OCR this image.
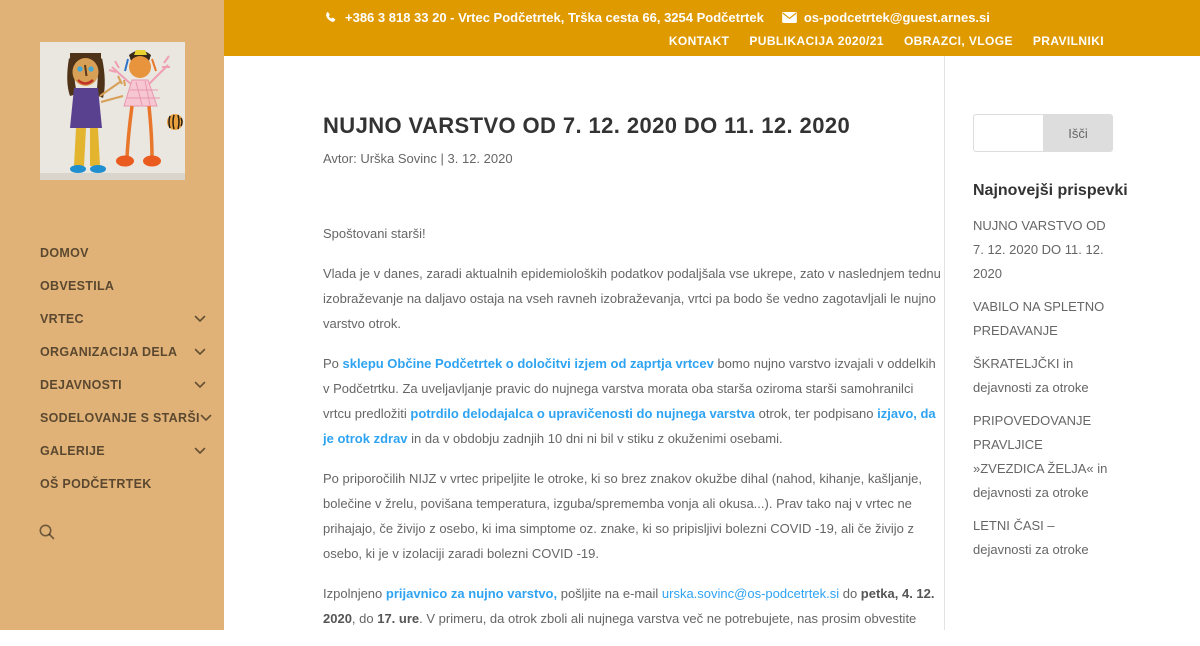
DOMOV
OBVESTILA
VRTEC
ORGANIZACIJA DELA
DEJAVNOSTI
SODELOVANJE S STARŠI
GALERIJE
OŠ PODČETRTEK
+386 3 818 33 20 - Vrtec Podčetrtek, Trška cesta 66, 3254 Podčetrtek	os-podcetrtek@guest.arnes.si
KONTAKT PUBLIKACIJA 2020/21 OBRAZCI, VLOGE PRAVILNIKI
NUJNO VARSTVO OD 7. 12. 2020 DO 11. 12. 2020
Avtor: Urška Sovinc | 3. 12. 2020

Spoštovani starši!

Vlada je v danes, zaradi aktualnih epidemioloških podatkov podaljšala vse ukrepe, zato v naslednjem tednu izobraževanje na daljavo ostaja na vseh ravneh izobraževanja, vrtci pa bodo še vedno zagotavljali le nujno varstvo otrok.

Po sklepu Občine Podčetrtek o določitvi izjem od zaprtja vrtcev bomo nujno varstvo izvajali v oddelkih v Podčetrtku. Za uveljavljanje pravic do nujnega varstva morata oba starša oziroma starši samohranilci vrtcu predložiti potrdilo delodajalca o upravičenosti do nujnega varstva otrok, ter podpisano izjavo, da je otrok zdrav in da v obdobju zadnjih 10 dni ni bil v stiku z okuženimi osebami.

Po priporočilih NIJZ v vrtec pripeljite le otroke, ki so brez znakov okužbe dihal (nahod, kihanje, kašljanje, bolečine v žrelu, povišana temperatura, izguba/sprememba vonja ali okusa...). Prav tako naj v vrtec ne prihajajo, če živijo z osebo, ki ima simptome oz. znake, ki so pripisljivi bolezni COVID -19, ali če živijo z osebo, ki je v izolaciji zaradi bolezni COVID -19.

Izpolnjeno prijavnico za nujno varstvo, pošljite na e-mail urska.sovinc@os-podcetrtek.si do petka, 4. 12. 2020, do 17. ure. V primeru, da otrok zboli ali nujnega varstva več ne potrebujete, nas prosim obvestite

Išči
Najnovejši prispevki
NUJNO VARSTVO OD 7. 12. 2020 DO 11. 12. 2020
VABILO NA SPLETNO PREDAVANJE
ŠKRATELJČKI in dejavnosti za otroke
PRIPOVEDOVANJE PRAVLJICE »ZVEZDICA ŽELJA« in dejavnosti za otroke
LETNI ČASI – dejavnosti za otroke
